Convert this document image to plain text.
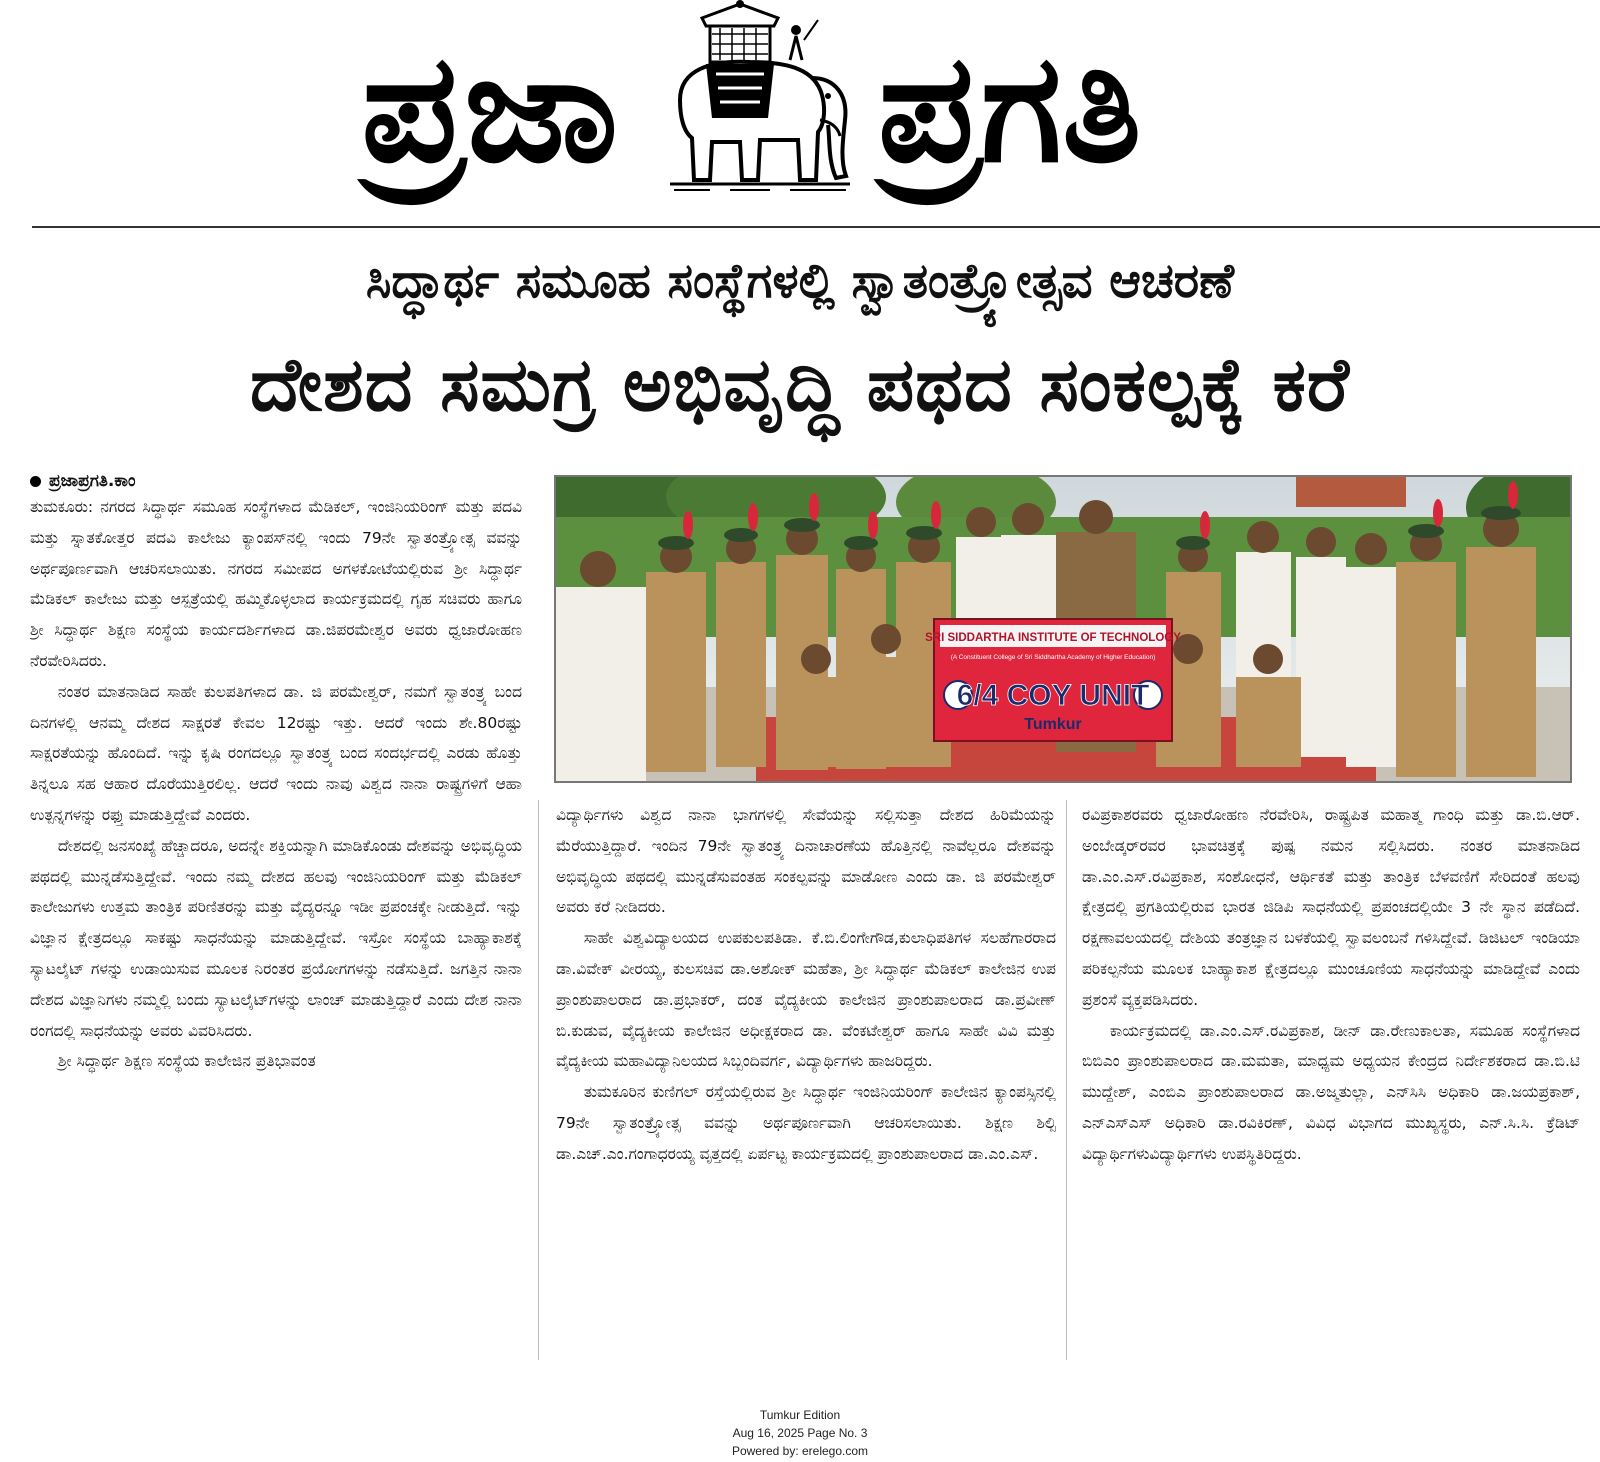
ಪ್ರಜಾ ಪ್ರಗತಿ
ಸಿದ್ಧಾರ್ಥ ಸಮೂಹ ಸಂಸ್ಥೆಗಳಲ್ಲಿ ಸ್ವಾತಂತ್ರ್ಯೋತ್ಸವ ಆಚರಣೆ
ದೇಶದ ಸಮಗ್ರ ಅಭಿವೃದ್ಧಿ ಪಥದ ಸಂಕಲ್ಪಕ್ಕೆ ಕರೆ
ಪ್ರಜಾಪ್ರಗತಿ.ಕಾಂ

ತುಮಕೂರು: ನಗರದ ಸಿದ್ಧಾರ್ಥ ಸಮೂಹ ಸಂಸ್ಥೆಗಳಾದ ಮೆಡಿಕಲ್, ಇಂಜಿನಿಯರಿಂಗ್ ಮತ್ತು ಪದವಿ ಮತ್ತು ಸ್ನಾತಕೋತ್ತರ ಪದವಿ ಕಾಲೇಜು ಕ್ಯಾಂಪಸ್‌ನಲ್ಲಿ ಇಂದು 79ನೇ ಸ್ವಾತಂತ್ರ್ಯೋತ್ಸ ವವನ್ನು ಅರ್ಥಪೂರ್ಣವಾಗಿ ಆಚರಿಸಲಾಯಿತು. ನಗರದ ಸಮೀಪದ ಅಗಳಕೋಟೆಯಲ್ಲಿರುವ ಶ್ರೀ ಸಿದ್ಧಾರ್ಥ ಮೆಡಿಕಲ್ ಕಾಲೇಜು ಮತ್ತು ಆಸ್ಪತ್ರೆಯಲ್ಲಿ ಹಮ್ಮಿಕೊಳ್ಳಲಾದ ಕಾರ್ಯಕ್ರಮದಲ್ಲಿ ಗೃಹ ಸಚಿವರು ಹಾಗೂ ಶ್ರೀ ಸಿದ್ಧಾರ್ಥ ಶಿಕ್ಷಣ ಸಂಸ್ಥೆಯ ಕಾರ್ಯದರ್ಶಿಗಳಾದ ಡಾ.ಜಿಪರಮೇಶ್ವರ ಅವರು ಧ್ವಜಾರೋಹಣ ನೆರವೇರಿಸಿದರು.

ನಂತರ ಮಾತನಾಡಿದ ಸಾಹೇ ಕುಲಪತಿಗಳಾದ ಡಾ. ಜಿ ಪರಮೇಶ್ವರ್, ನಮಗೆ ಸ್ವಾತಂತ್ರ್ಯ ಬಂದ ದಿನಗಳಲ್ಲಿ ಆನಮ್ಮ ದೇಶದ ಸಾಕ್ಷರತೆ ಕೇವಲ 12ರಷ್ಟು ಇತ್ತು. ಆದರೆ ಇಂದು ಶೇ.80ರಷ್ಟು ಸಾಕ್ಷರತೆಯನ್ನು ಹೊಂದಿದೆ. ಇನ್ನು ಕೃಷಿ ರಂಗದಲ್ಲೂ ಸ್ವಾತಂತ್ರ್ಯ ಬಂದ ಸಂದರ್ಭದಲ್ಲಿ ಎರಡು ಹೊತ್ತು ತಿನ್ನಲೂ ಸಹ ಆಹಾರ ದೊರೆಯುತ್ತಿರಲಿಲ್ಲ. ಆದರೆ ಇಂದು ನಾವು ವಿಶ್ವದ ನಾನಾ ರಾಷ್ಟ್ರಗಳಿಗೆ ಆಹಾ ಉತ್ಪನ್ನಗಳನ್ನು ರಫ್ತು ಮಾಡುತ್ತಿದ್ದೇವೆ ಎಂದರು.

ದೇಶದಲ್ಲಿ ಜನಸಂಖ್ಯೆ ಹೆಚ್ಚಾದರೂ, ಅದನ್ನೇ ಶಕ್ತಿಯನ್ನಾಗಿ ಮಾಡಿಕೊಂಡು ದೇಶವನ್ನು ಅಭಿವೃದ್ಧಿಯ ಪಥದಲ್ಲಿ ಮುನ್ನಡೆಸುತ್ತಿದ್ದೇವೆ. ಇಂದು ನಮ್ಮ ದೇಶದ ಹಲವು ಇಂಜಿನಿಯರಿಂಗ್ ಮತ್ತು ಮೆಡಿಕಲ್ ಕಾಲೇಜುಗಳು ಉತ್ತಮ ತಾಂತ್ರಿಕ ಪರಿಣಿತರನ್ನು ಮತ್ತು ವೈದ್ಯರನ್ನೂ ಇಡೀ ಪ್ರಪಂಚಕ್ಕೇ ನೀಡುತ್ತಿದೆ. ಇನ್ನು ವಿಜ್ಞಾನ ಕ್ಷೇತ್ರದಲ್ಲೂ ಸಾಕಷ್ಟು ಸಾಧನೆಯನ್ನು ಮಾಡುತ್ತಿದ್ದೇವೆ. ಇಸ್ರೋ ಸಂಸ್ಥೆಯ ಬಾಹ್ಯಾಕಾಶಕ್ಕೆ ಸ್ಯಾಟಲೈಟ್ ಗಳನ್ನು ಉಡಾಯಿಸುವ ಮೂಲಕ ನಿರಂತರ ಪ್ರಯೋಗಗಳನ್ನು ನಡೆಸುತ್ತಿದೆ. ಜಗತ್ತಿನ ನಾನಾ ದೇಶದ ವಿಜ್ಞಾನಿಗಳು ನಮ್ಮಲ್ಲಿ ಬಂದು ಸ್ಯಾಟಲೈಟ್‌ಗಳನ್ನು ಲಾಂಚ್ ಮಾಡುತ್ತಿದ್ದಾರೆ ಎಂದು ದೇಶ ನಾನಾ ರಂಗದಲ್ಲಿ ಸಾಧನೆಯನ್ನು ಅವರು ವಿವರಿಸಿದರು.

ಶ್ರೀ ಸಿದ್ಧಾರ್ಥ ಶಿಕ್ಷಣ ಸಂಸ್ಥೆಯ ಕಾಲೇಜಿನ ಪ್ರತಿಭಾವಂತ

SRI SIDDARTHA INSTITUTE OF TECHNOLOGY
(A Constituent College of Sri Siddhartha Academy of Higher Education)
6/4 COY UNIT
Tumkur

ವಿದ್ಯಾರ್ಥಿಗಳು ವಿಶ್ವದ ನಾನಾ ಭಾಗಗಳಲ್ಲಿ ಸೇವೆಯನ್ನು ಸಲ್ಲಿಸುತ್ತಾ ದೇಶದ ಹಿರಿಮೆಯನ್ನು ಮೆರೆಯುತ್ತಿದ್ದಾರೆ. ಇಂದಿನ 79ನೇ ಸ್ವಾತಂತ್ರ್ಯ ದಿನಾಚಾರಣೆಯ ಹೊತ್ತಿನಲ್ಲಿ ನಾವೆಲ್ಲರೂ ದೇಶವನ್ನು ಅಭಿವೃದ್ಧಿಯ ಪಥದಲ್ಲಿ ಮುನ್ನಡೆಸುವಂತಹ ಸಂಕಲ್ಪವನ್ನು ಮಾಡೋಣ ಎಂದು ಡಾ. ಜಿ ಪರಮೇಶ್ವರ್ ಅವರು ಕರೆ ನೀಡಿದರು.

ಸಾಹೇ ವಿಶ್ವವಿದ್ಯಾಲಯದ ಉಪಕುಲಪತಿಡಾ. ಕೆ.ಬಿ.ಲಿಂಗೇಗೌಡ,ಕುಲಾಧಿಪತಿಗಳ ಸಲಹೆಗಾರರಾದ ಡಾ.ವಿವೇಕ್ ವೀರಯ್ಯ, ಕುಲಸಚಿವ ಡಾ.ಅಶೋಕ್ ಮಹೆತಾ, ಶ್ರೀ ಸಿದ್ಧಾರ್ಥ ಮೆಡಿಕಲ್ ಕಾಲೇಜಿನ ಉಪ ಪ್ರಾಂಶುಪಾಲರಾದ ಡಾ.ಪ್ರಭಾಕರ್, ದಂತ ವೈದ್ಯಕೀಯ ಕಾಲೇಜಿನ ಪ್ರಾಂಶುಪಾಲರಾದ ಡಾ.ಪ್ರವೀಣ್ ಬಿ.ಕುಡುವ, ವೈದ್ಯಕೀಯ ಕಾಲೇಜಿನ ಅಧೀಕ್ಷಕರಾದ ಡಾ. ವೆಂಕಟೇಶ್ವರ್ ಹಾಗೂ ಸಾಹೇ ವಿವಿ ಮತ್ತು ವೈದ್ಯಕೀಯ ಮಹಾವಿದ್ಯಾನಿಲಯದ ಸಿಬ್ಬಂದಿವರ್ಗ, ವಿದ್ಯಾರ್ಥಿಗಳು ಹಾಜರಿದ್ದರು.

ತುಮಕೂರಿನ ಕುಣಿಗಲ್ ರಸ್ತೆಯಲ್ಲಿರುವ ಶ್ರೀ ಸಿದ್ಧಾರ್ಥ ಇಂಜಿನಿಯರಿಂಗ್ ಕಾಲೇಜಿನ ಕ್ಯಾಂಪಸ್ಸಿನಲ್ಲಿ 79ನೇ ಸ್ವಾತಂತ್ರ್ಯೋತ್ಸ ವವನ್ನು ಅರ್ಥಪೂರ್ಣವಾಗಿ ಆಚರಿಸಲಾಯಿತು. ಶಿಕ್ಷಣ ಶಿಲ್ಪಿ ಡಾ.ಎಚ್.ಎಂ.ಗಂಗಾಧರಯ್ಯ ವೃತ್ತದಲ್ಲಿ ಏರ್ಪಟ್ಟ ಕಾರ್ಯಕ್ರಮದಲ್ಲಿ ಪ್ರಾಂಶುಪಾಲರಾದ ಡಾ.ಎಂ.ಎಸ್.

ರವಿಪ್ರಕಾಶರವರು ಧ್ವಜಾರೋಹಣ ನೆರವೇರಿಸಿ, ರಾಷ್ಟ್ರಪಿತ ಮಹಾತ್ಮ ಗಾಂಧಿ ಮತ್ತು ಡಾ.ಬಿ.ಆರ್. ಅಂಬೇಡ್ಕರ್‌ರವರ ಭಾವಚಿತ್ರಕ್ಕೆ ಪುಷ್ಪ ನಮನ ಸಲ್ಲಿಸಿದರು. ನಂತರ ಮಾತನಾಡಿದ ಡಾ.ಎಂ.ಎಸ್.ರವಿಪ್ರಕಾಶ, ಸಂಶೋಧನೆ, ಆರ್ಥಿಕತೆ ಮತ್ತು ತಾಂತ್ರಿಕ ಬೆಳವಣಿಗೆ ಸೇರಿದಂತೆ ಹಲವು ಕ್ಷೇತ್ರದಲ್ಲಿ ಪ್ರಗತಿಯಲ್ಲಿರುವ ಭಾರತ ಜಿಡಿಪಿ ಸಾಧನೆಯಲ್ಲಿ ಪ್ರಪಂಚದಲ್ಲಿಯೇ 3 ನೇ ಸ್ಥಾನ ಪಡೆದಿದೆ. ರಕ್ಷಣಾವಲಯದಲ್ಲಿ ದೇಶಿಯ ತಂತ್ರಜ್ಞಾನ ಬಳಕೆಯಲ್ಲಿ ಸ್ವಾವಲಂಬನೆ ಗಳಿಸಿದ್ದೇವೆ. ಡಿಜಿಟಲ್ ಇಂಡಿಯಾ ಪರಿಕಲ್ಪನೆಯ ಮೂಲಕ ಬಾಹ್ಯಾಕಾಶ ಕ್ಷೇತ್ರದಲ್ಲೂ ಮುಂಚೂಣಿಯ ಸಾಧನೆಯನ್ನು ಮಾಡಿದ್ದೇವೆ ಎಂದು ಪ್ರಶಂಸೆ ವ್ಯಕ್ತಪಡಿಸಿದರು.

ಕಾರ್ಯಕ್ರಮದಲ್ಲಿ ಡಾ.ಎಂ.ಎಸ್.ರವಿಪ್ರಕಾಶ, ಡೀನ್ ಡಾ.ರೇಣುಕಾಲತಾ, ಸಮೂಹ ಸಂಸ್ಥೆಗಳಾದ ಬಿಬಿಎಂ ಪ್ರಾಂಶುಪಾಲರಾದ ಡಾ.ಮಮತಾ, ಮಾಧ್ಯಮ ಅಧ್ಯಯನ ಕೇಂದ್ರದ ನಿರ್ದೇಶಕರಾದ ಡಾ.ಬಿ.ಟಿ ಮುದ್ದೇಶ್, ಎಂಬಿಎ ಪ್ರಾಂಶುಪಾಲರಾದ ಡಾ.ಅಜ್ಮತುಲ್ಲಾ, ಎನ್‌ಸಿಸಿ ಅಧಿಕಾರಿ ಡಾ.ಜಯಪ್ರಕಾಶ್, ಎನ್‌ಎಸ್‌ಎಸ್ ಅಧಿಕಾರಿ ಡಾ.ರವಿಕಿರಣ್, ವಿವಿಧ ವಿಭಾಗದ ಮುಖ್ಯಸ್ಥರು, ಎನ್.ಸಿ.ಸಿ. ಕ್ರೆಡಿಟ್ ವಿದ್ಯಾರ್ಥಿಗಳುವಿದ್ಯಾರ್ಥಿಗಳು ಉಪಸ್ಥಿತಿರಿದ್ದರು.

Tumkur Edition
Aug 16, 2025 Page No. 3
Powered by: erelego.com
